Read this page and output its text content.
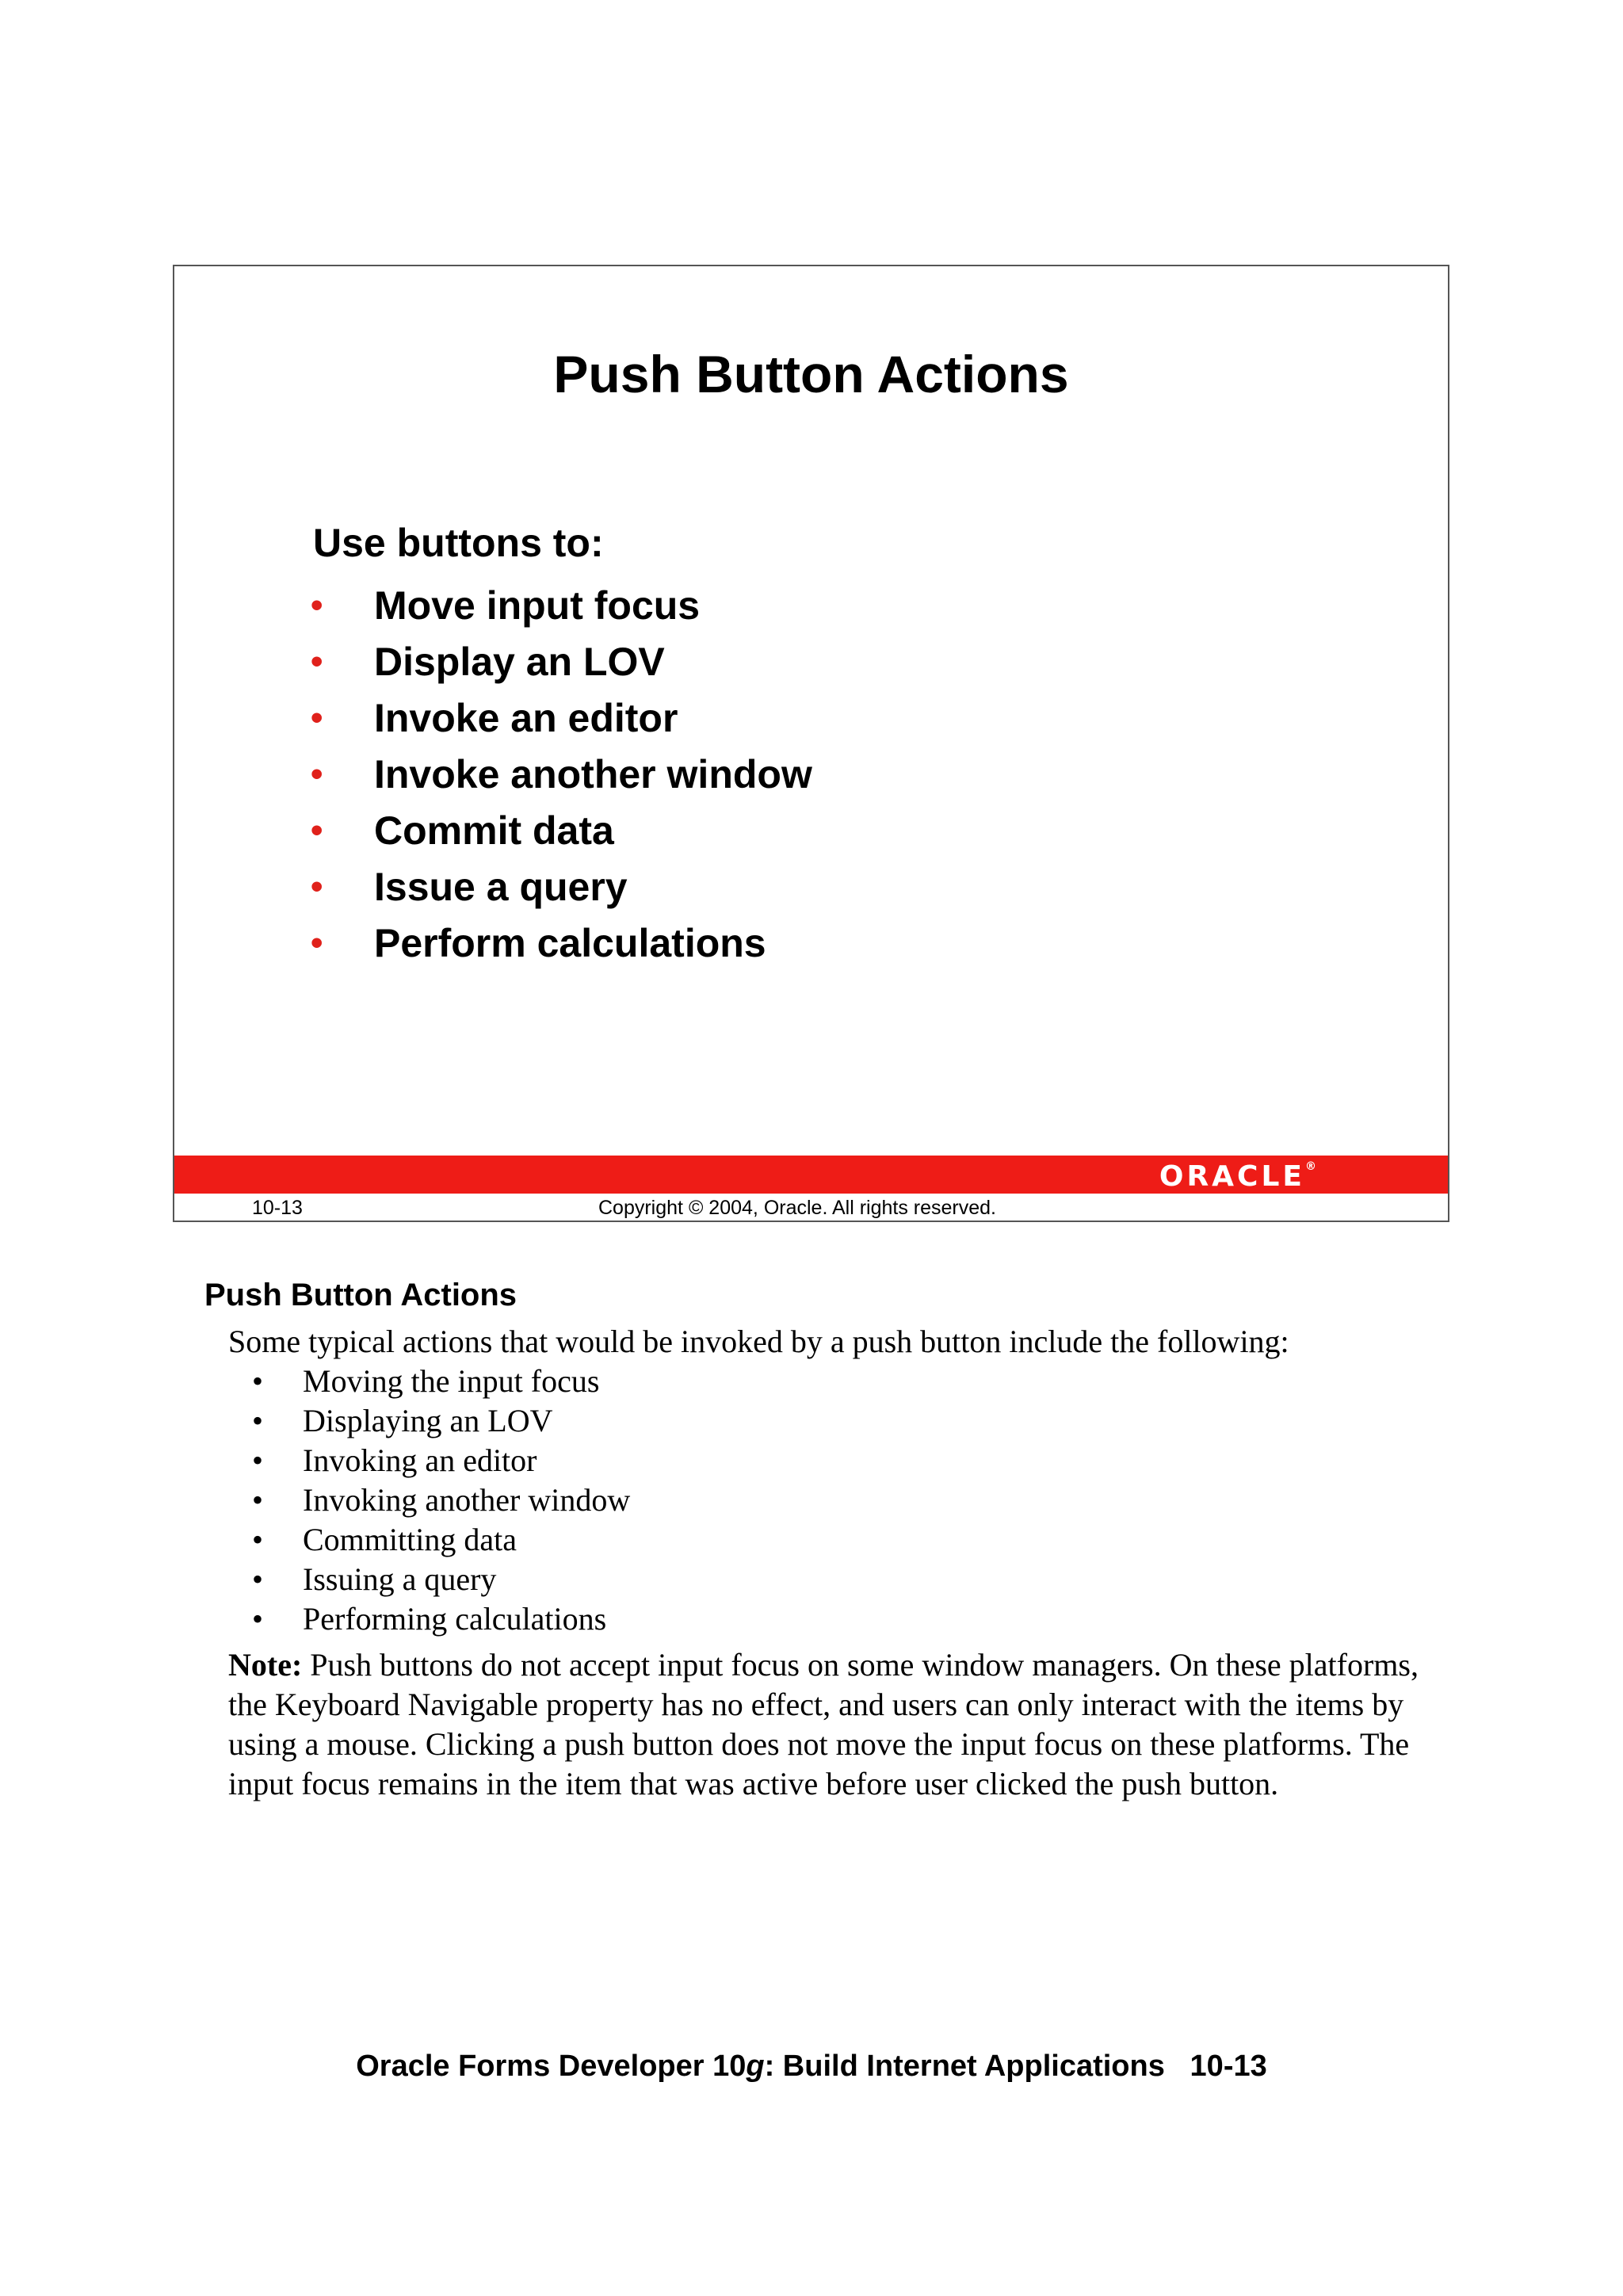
Push Button Actions
Use buttons to:
•	Move input focus
•	Display an LOV
•	Invoke an editor
•	Invoke another window
•	Commit data
•	Issue a query
•	Perform calculations
ORACLE®
10-13	Copyright © 2004, Oracle. All rights reserved.
Push Button Actions
Some typical actions that would be invoked by a push button include the following:
• Moving the input focus
• Displaying an LOV
• Invoking an editor
• Invoking another window
• Committing data
• Issuing a query
• Performing calculations
Note: Push buttons do not accept input focus on some window managers. On these platforms, the Keyboard Navigable property has no effect, and users can only interact with the items by using a mouse. Clicking a push button does not move the input focus on these platforms. The input focus remains in the item that was active before user clicked the push button.
Oracle Forms Developer 10g: Build Internet Applications 10-13
